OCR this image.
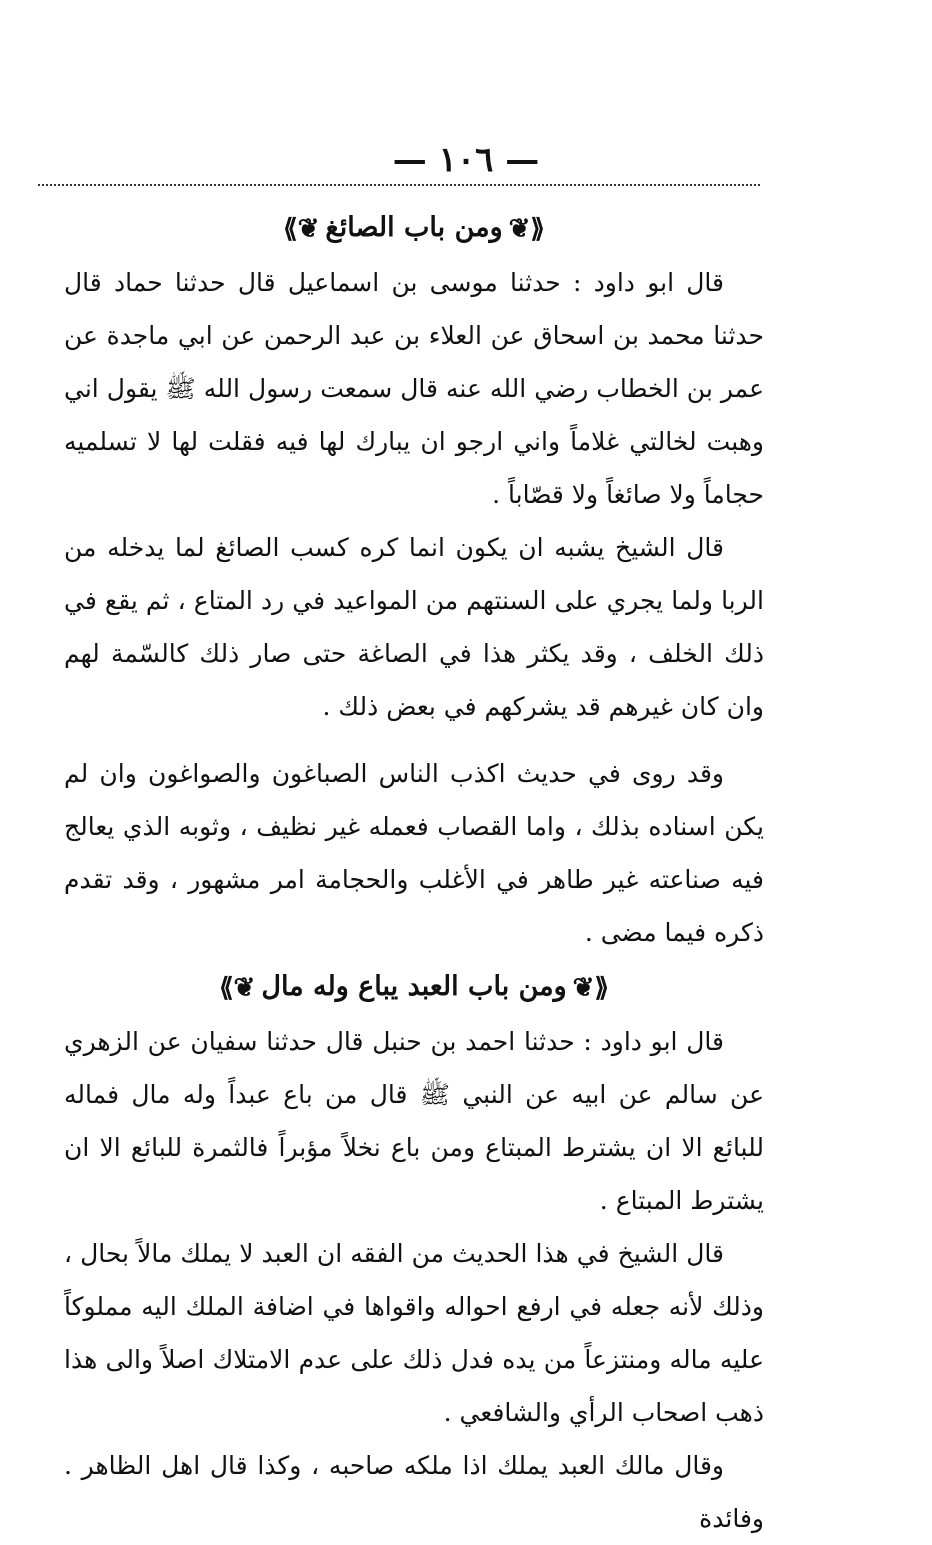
— ١٠٦ —
⟪❦ومن باب الصائغ❦⟫

قال ابو داود : حدثنا موسى بن اسماعيل قال حدثنا حماد قال حدثنا محمد بن اسحاق عن العلاء بن عبد الرحمن عن ابي ماجدة عن عمر بن الخطاب رضي الله عنه قال سمعت رسول الله ﷺ يقول اني وهبت لخالتي غلاماً واني ارجو ان يبارك لها فيه فقلت لها لا تسلميه حجاماً ولا صائغاً ولا قصّاباً .

قال الشيخ يشبه ان يكون انما كره كسب الصائغ لما يدخله من الربا ولما يجري على السنتهم من المواعيد في رد المتاع ، ثم يقع في ذلك الخلف ، وقد يكثر هذا في الصاغة حتى صار ذلك كالسّمة لهم وان كان غيرهم قد يشركهم في بعض ذلك .

وقد روى في حديث اكذب الناس الصباغون والصواغون وان لم يكن اسناده بذلك ، واما القصاب فعمله غير نظيف ، وثوبه الذي يعالج فيه صناعته غير طاهر في الأغلب والحجامة امر مشهور ، وقد تقدم ذكره فيما مضى .

⟪❦ومن باب العبد يباع وله مال❦⟫

قال ابو داود : حدثنا احمد بن حنبل قال حدثنا سفيان عن الزهري عن سالم عن ابيه عن النبي ﷺ قال من باع عبداً وله مال فماله للبائع الا ان يشترط المبتاع ومن باع نخلاً مؤبراً فالثمرة للبائع الا ان يشترط المبتاع .

قال الشيخ في هذا الحديث من الفقه ان العبد لا يملك مالاً بحال ، وذلك لأنه جعله في ارفع احواله واقواها في اضافة الملك اليه مملوكاً عليه ماله ومنتزعاً من يده فدل ذلك على عدم الامتلاك اصلاً والى هذا ذهب اصحاب الرأي والشافعي .

وقال مالك العبد يملك اذا ملكه صاحبه ، وكذا قال اهل الظاهر . وفائدة
